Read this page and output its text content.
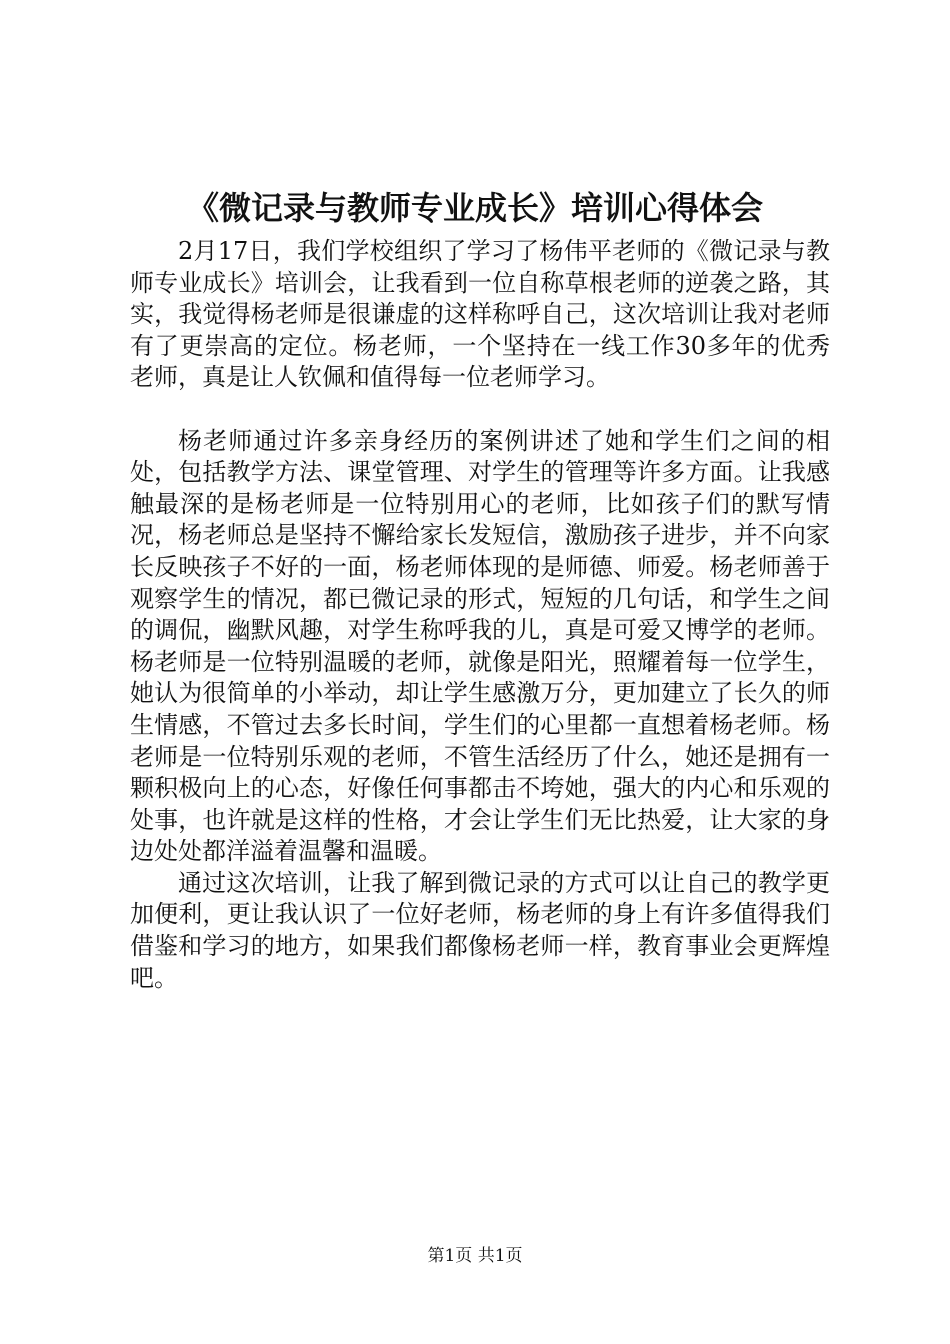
《微记录与教师专业成长》培训心得体会

2月17日，我们学校组织了学习了杨伟平老师的《微记录与教师专业成长》培训会，让我看到一位自称草根老师的逆袭之路，其实，我觉得杨老师是很谦虚的这样称呼自己，这次培训让我对老师有了更崇高的定位。杨老师，一个坚持在一线工作30多年的优秀老师，真是让人钦佩和值得每一位老师学习。

杨老师通过许多亲身经历的案例讲述了她和学生们之间的相处，包括教学方法、课堂管理、对学生的管理等许多方面。让我感触最深的是杨老师是一位特别用心的老师，比如孩子们的默写情况，杨老师总是坚持不懈给家长发短信，激励孩子进步，并不向家长反映孩子不好的一面，杨老师体现的是师德、师爱。杨老师善于观察学生的情况，都已微记录的形式，短短的几句话，和学生之间的调侃，幽默风趣，对学生称呼我的儿，真是可爱又博学的老师。杨老师是一位特别温暖的老师，就像是阳光，照耀着每一位学生，她认为很简单的小举动，却让学生感激万分，更加建立了长久的师生情感，不管过去多长时间，学生们的心里都一直想着杨老师。杨老师是一位特别乐观的老师，不管生活经历了什么，她还是拥有一颗积极向上的心态，好像任何事都击不垮她，强大的内心和乐观的处事，也许就是这样的性格，才会让学生们无比热爱，让大家的身边处处都洋溢着温馨和温暖。

通过这次培训，让我了解到微记录的方式可以让自己的教学更加便利，更让我认识了一位好老师，杨老师的身上有许多值得我们借鉴和学习的地方，如果我们都像杨老师一样，教育事业会更辉煌吧。

第1页 共1页
